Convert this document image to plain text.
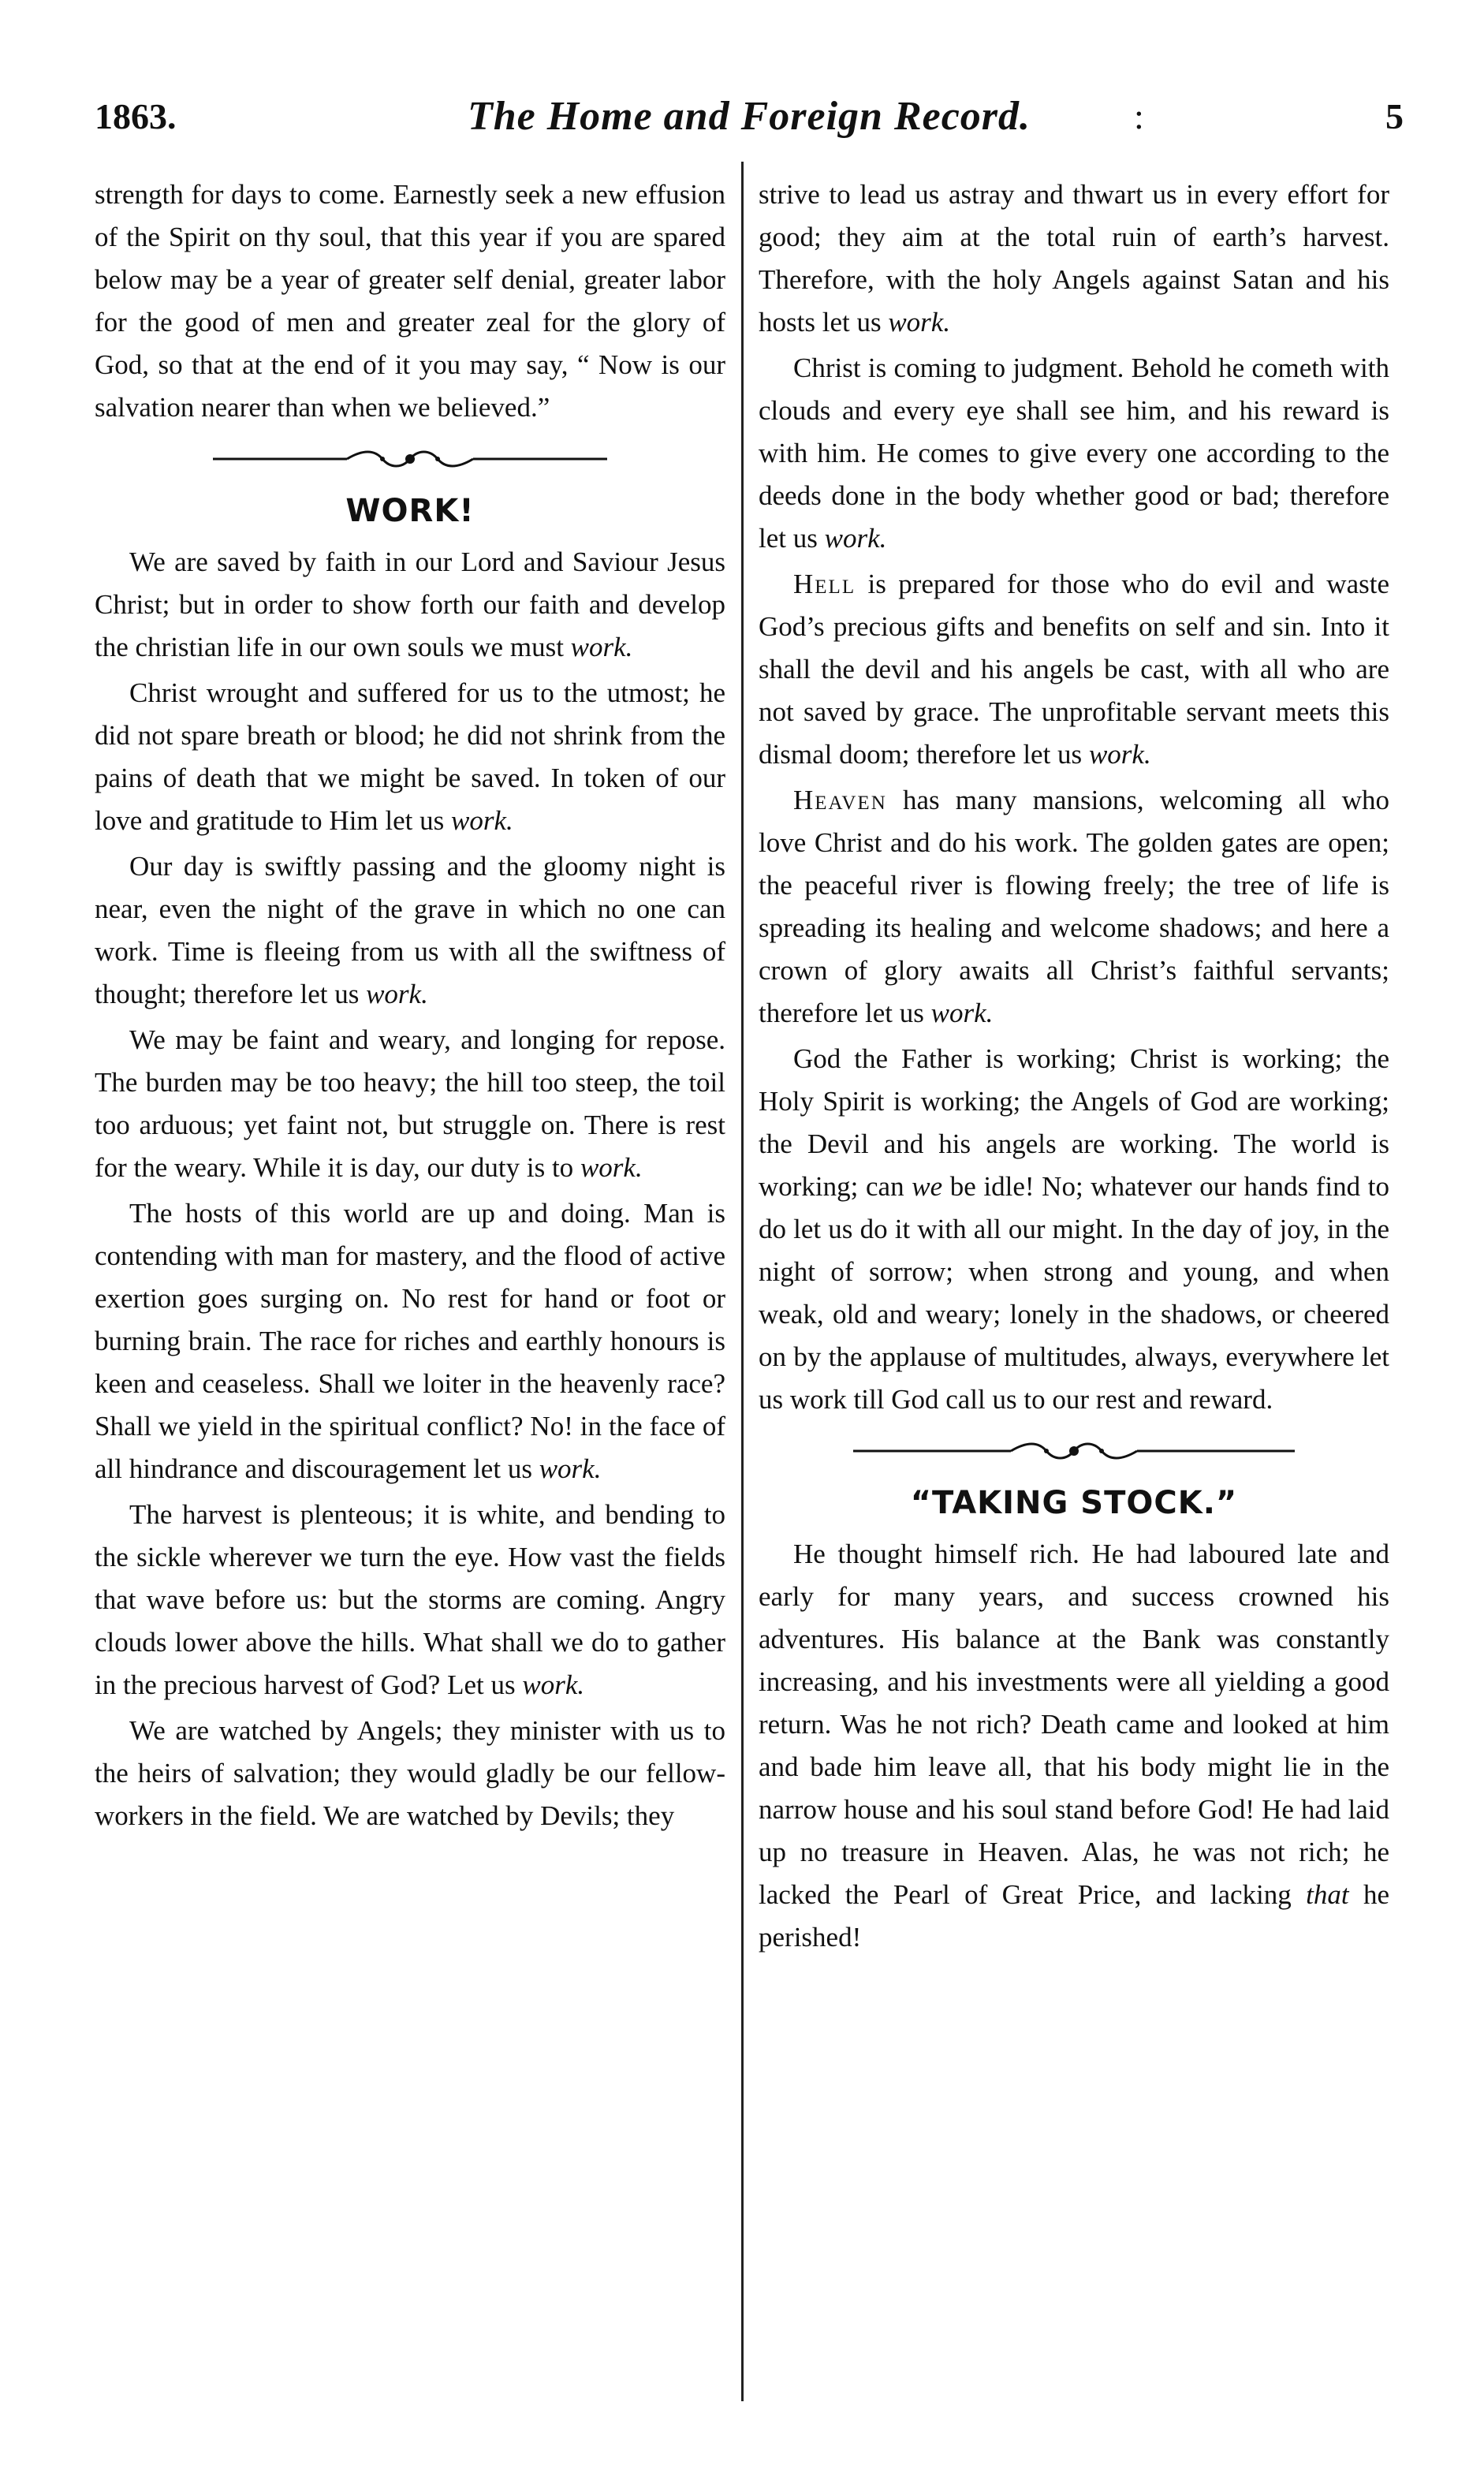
1863.	The Home and Foreign Record.	:	5

strength for days to come. Earnestly seek a new effusion of the Spirit on thy soul, that this year if you are spared below may be a year of greater self denial, greater labor for the good of men and greater zeal for the glory of God, so that at the end of it you may say, “ Now is our salvation nearer than when we believed.”

WORK!

We are saved by faith in our Lord and Saviour Jesus Christ; but in order to show forth our faith and develop the christian life in our own souls we must work.

Christ wrought and suffered for us to the utmost; he did not spare breath or blood; he did not shrink from the pains of death that we might be saved. In token of our love and gratitude to Him let us work.

Our day is swiftly passing and the gloomy night is near, even the night of the grave in which no one can work. Time is fleeing from us with all the swiftness of thought; therefore let us work.

We may be faint and weary, and longing for repose. The burden may be too heavy; the hill too steep, the toil too arduous; yet faint not, but struggle on. There is rest for the weary. While it is day, our duty is to work.

The hosts of this world are up and doing. Man is contending with man for mastery, and the flood of active exertion goes surging on. No rest for hand or foot or burning brain. The race for riches and earthly honours is keen and ceaseless. Shall we loiter in the heavenly race? Shall we yield in the spiritual conflict? No! in the face of all hindrance and discouragement let us work.

The harvest is plenteous; it is white, and bending to the sickle wherever we turn the eye. How vast the fields that wave before us: but the storms are coming. Angry clouds lower above the hills. What shall we do to gather in the precious harvest of God? Let us work.

We are watched by Angels; they minister with us to the heirs of salvation; they would gladly be our fellow-workers in the field. We are watched by Devils; they

strive to lead us astray and thwart us in every effort for good; they aim at the total ruin of earth’s harvest. Therefore, with the holy Angels against Satan and his hosts let us work.

Christ is coming to judgment. Behold he cometh with clouds and every eye shall see him, and his reward is with him. He comes to give every one according to the deeds done in the body whether good or bad; therefore let us work.

Hell is prepared for those who do evil and waste God’s precious gifts and benefits on self and sin. Into it shall the devil and his angels be cast, with all who are not saved by grace. The unprofitable servant meets this dismal doom; therefore let us work.

Heaven has many mansions, welcoming all who love Christ and do his work. The golden gates are open; the peaceful river is flowing freely; the tree of life is spreading its healing and welcome shadows; and here a crown of glory awaits all Christ’s faithful servants; therefore let us work.

God the Father is working; Christ is working; the Holy Spirit is working; the Angels of God are working; the Devil and his angels are working. The world is working; can we be idle! No; whatever our hands find to do let us do it with all our might. In the day of joy, in the night of sorrow; when strong and young, and when weak, old and weary; lonely in the shadows, or cheered on by the applause of multitudes, always, everywhere let us work till God call us to our rest and reward.

“TAKING STOCK.”

He thought himself rich. He had laboured late and early for many years, and success crowned his adventures. His balance at the Bank was constantly increasing, and his investments were all yielding a good return. Was he not rich? Death came and looked at him and bade him leave all, that his body might lie in the narrow house and his soul stand before God! He had laid up no treasure in Heaven. Alas, he was not rich; he lacked the Pearl of Great Price, and lacking that he perished!
